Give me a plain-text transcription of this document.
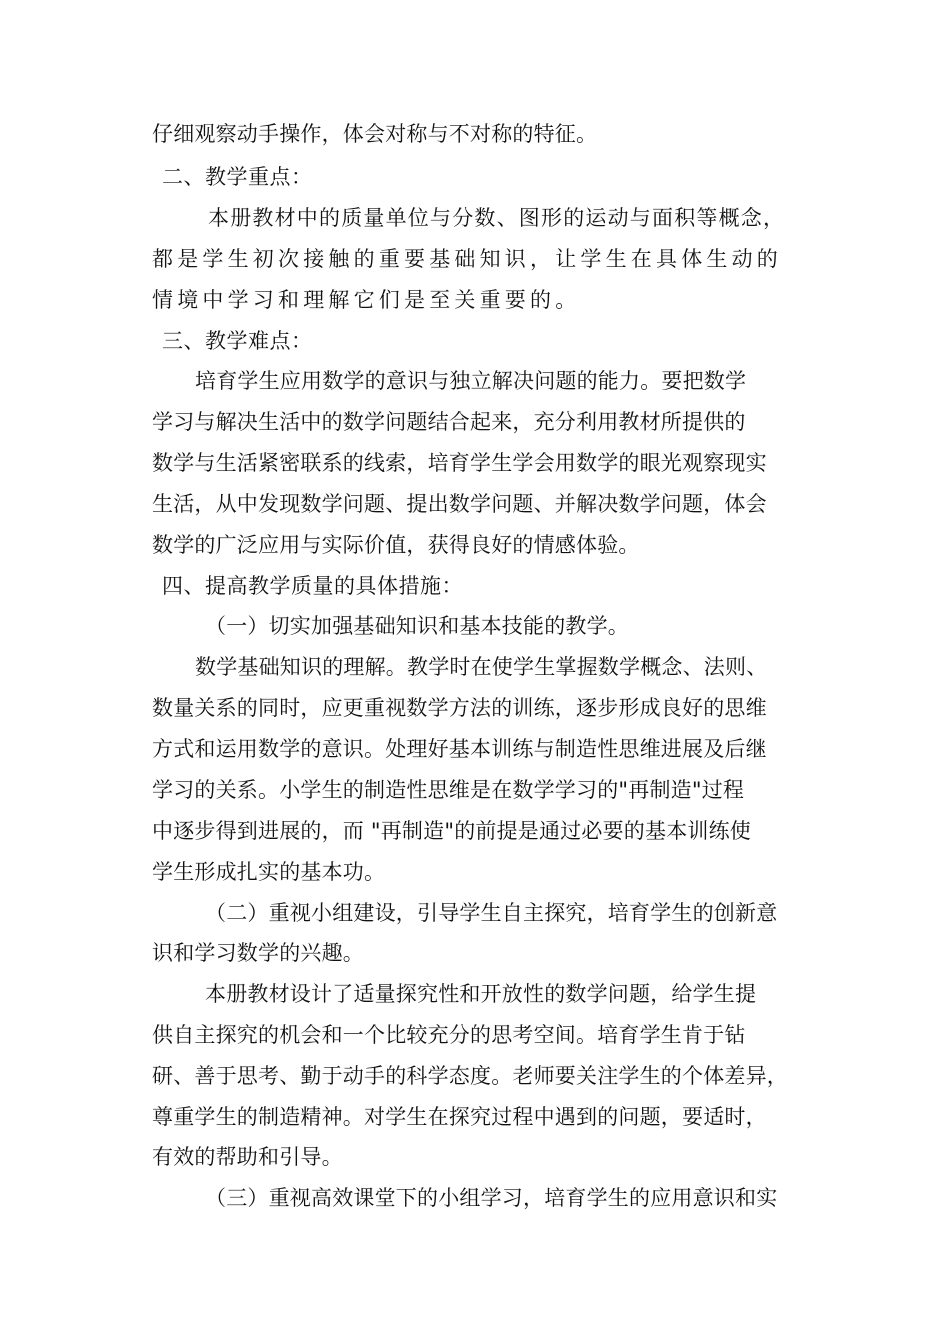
仔细观察动手操作，体会对称与不对称的特征。
二、教学重点：
本册教材中的质量单位与分数、图形的运动与面积等概念，
都是学生初次接触的重要基础知识，让学生在具体生动的
情境中学习和理解它们是至关重要的。
三、教学难点：
培育学生应用数学的意识与独立解决问题的能力。要把数学
学习与解决生活中的数学问题结合起来，充分利用教材所提供的
数学与生活紧密联系的线索，培育学生学会用数学的眼光观察现实
生活，从中发现数学问题、提出数学问题、并解决数学问题，体会
数学的广泛应用与实际价值，获得良好的情感体验。
四、提高教学质量的具体措施：
（一）切实加强基础知识和基本技能的教学。
数学基础知识的理解。教学时在使学生掌握数学概念、法则、
数量关系的同时，应更重视数学方法的训练，逐步形成良好的思维
方式和运用数学的意识。处理好基本训练与制造性思维进展及后继
学习的关系。小学生的制造性思维是在数学学习的"再制造"过程
中逐步得到进展的，而 "再制造"的前提是通过必要的基本训练使
学生形成扎实的基本功。
（二）重视小组建设，引导学生自主探究，培育学生的创新意
识和学习数学的兴趣。
本册教材设计了适量探究性和开放性的数学问题，给学生提
供自主探究的机会和一个比较充分的思考空间。培育学生肯于钻
研、善于思考、勤于动手的科学态度。老师要关注学生的个体差异，
尊重学生的制造精神。对学生在探究过程中遇到的问题，要适时，
有效的帮助和引导。
（三）重视高效课堂下的小组学习，培育学生的应用意识和实
